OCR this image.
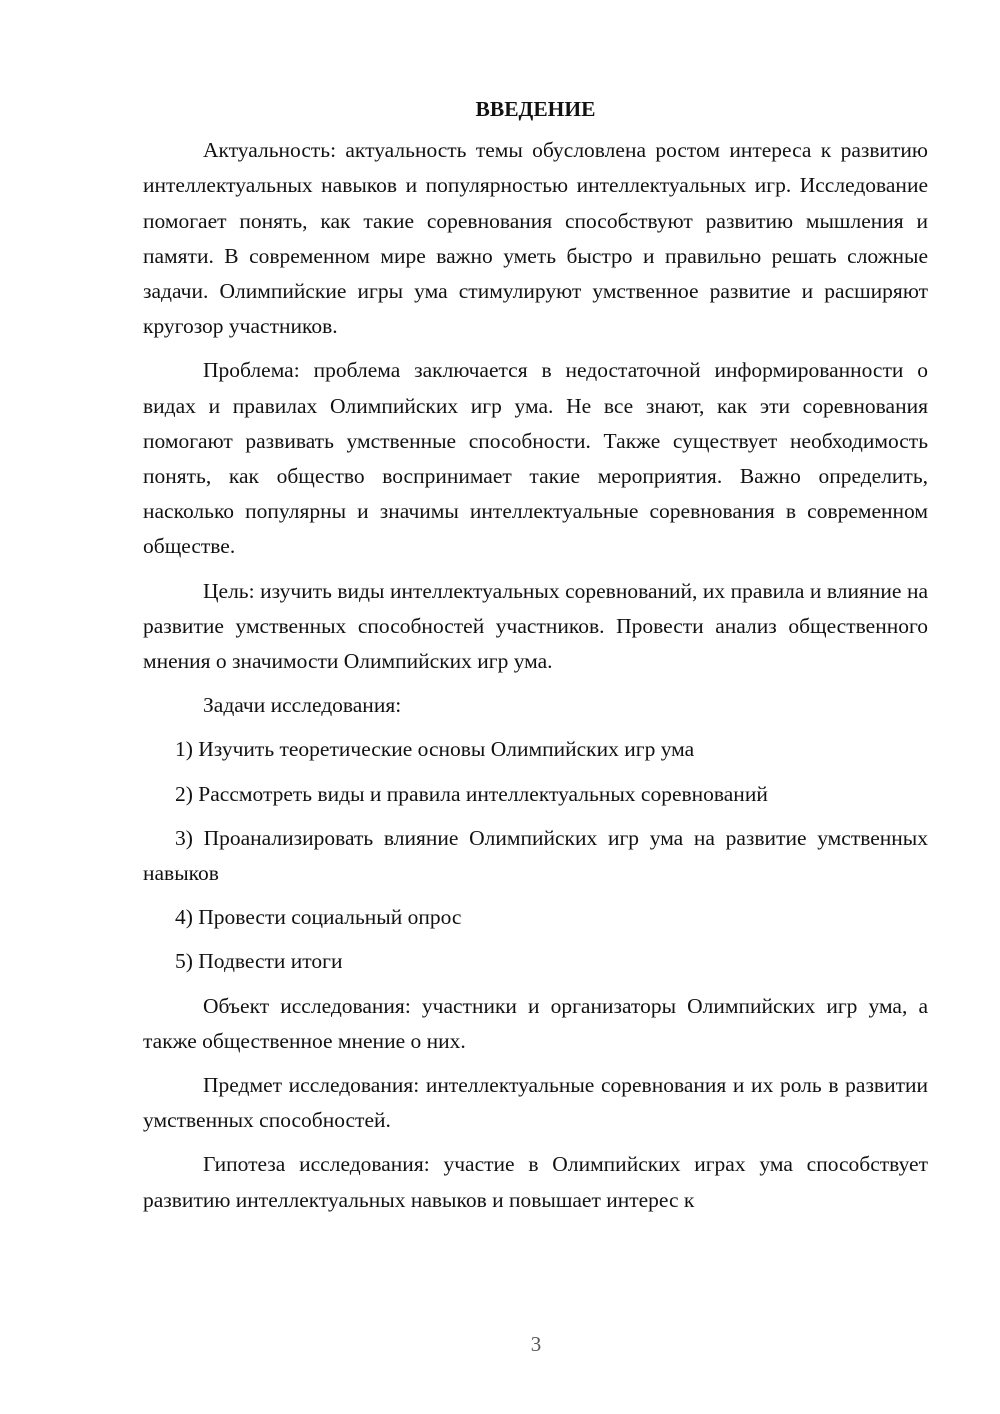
ВВЕДЕНИЕ

Актуальность: актуальность темы обусловлена ростом интереса к развитию интеллектуальных навыков и популярностью интеллектуальных игр. Исследование помогает понять, как такие соревнования способствуют развитию мышления и памяти. В современном мире важно уметь быстро и правильно решать сложные задачи. Олимпийские игры ума стимулируют умственное развитие и расширяют кругозор участников.

Проблема: проблема заключается в недостаточной информированности о видах и правилах Олимпийских игр ума. Не все знают, как эти соревнования помогают развивать умственные способности. Также существует необходимость понять, как общество воспринимает такие мероприятия. Важно определить, насколько популярны и значимы интеллектуальные соревнования в современном обществе.

Цель: изучить виды интеллектуальных соревнований, их правила и влияние на развитие умственных способностей участников. Провести анализ общественного мнения о значимости Олимпийских игр ума.

Задачи исследования:

1) Изучить теоретические основы Олимпийских игр ума

2) Рассмотреть виды и правила интеллектуальных соревнований

3) Проанализировать влияние Олимпийских игр ума на развитие умственных навыков

4) Провести социальный опрос

5) Подвести итоги

Объект исследования: участники и организаторы Олимпийских игр ума, а также общественное мнение о них.

Предмет исследования: интеллектуальные соревнования и их роль в развитии умственных способностей.

Гипотеза исследования: участие в Олимпийских играх ума способствует развитию интеллектуальных навыков и повышает интерес к

3
